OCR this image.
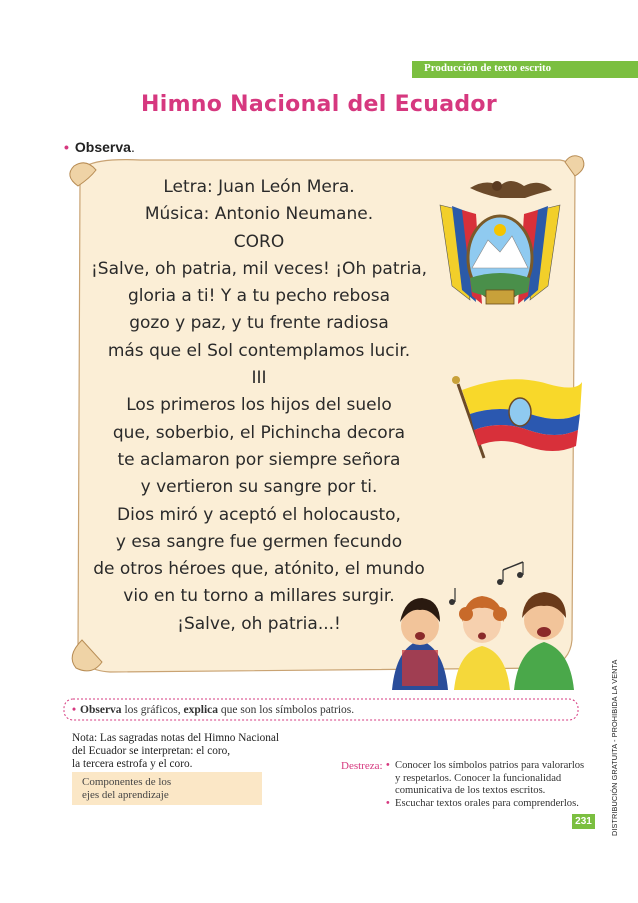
Producción de texto escrito
Himno Nacional del Ecuador
• Observa.
Letra: Juan León Mera.
Música: Antonio Neumane.
CORO
¡Salve, oh patria, mil veces! ¡Oh patria,
gloria a ti! Y a tu pecho rebosa
gozo y paz, y tu frente radiosa
más que el Sol contemplamos lucir.
III
Los primeros los hijos del suelo
que, soberbio, el Pichincha decora
te aclamaron por siempre señora
y vertieron su sangre por ti.
Dios miró y aceptó el holocausto,
y esa sangre fue germen fecundo
de otros héroes que, atónito, el mundo
vio en tu torno a millares surgir.
¡Salve, oh patria...!
• Observa los gráficos, explica que son los símbolos patrios.
Nota: Las sagradas notas del Himno Nacional
del Ecuador se interpretan: el coro,
la tercera estrofa y el coro.
Componentes de los
ejes del aprendizaje
Destreza: • Conocer los símbolos patrios para valorarlos y respetarlos. Conocer la funcionalidad comunicativa de los textos escritos.
• Escuchar textos orales para comprenderlos.
231	DISTRIBUCIÓN GRATUITA - PROHIBIDA LA VENTA
